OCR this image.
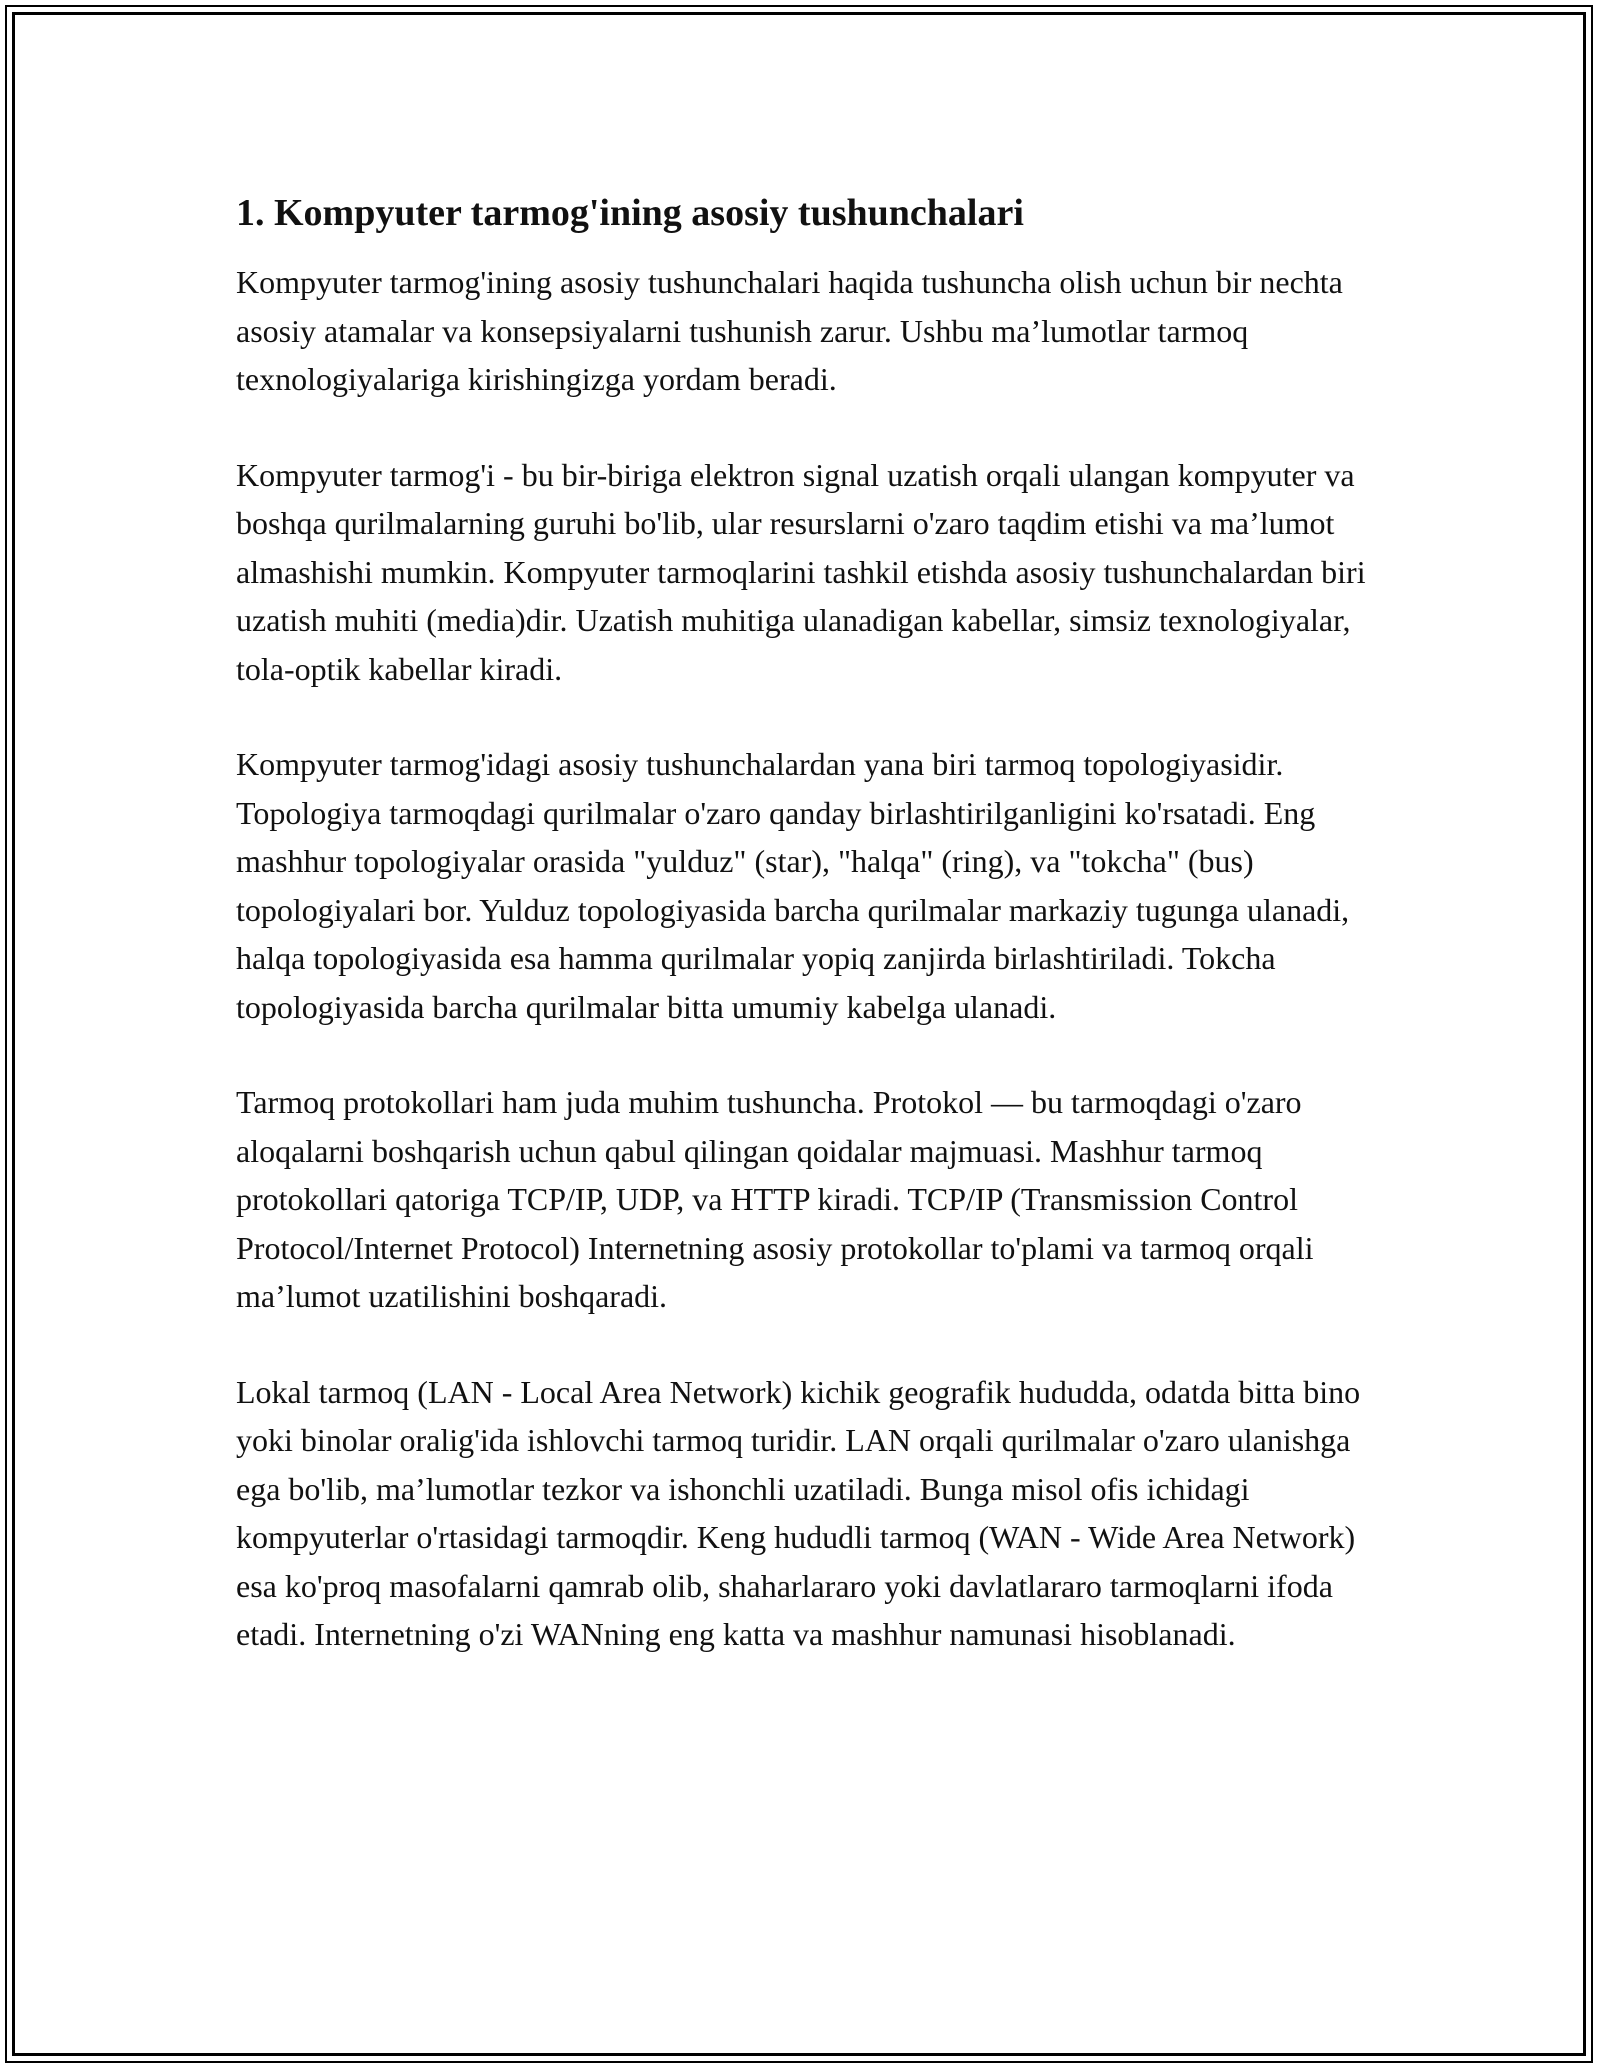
1. Kompyuter tarmog'ining asosiy tushunchalari

Kompyuter tarmog'ining asosiy tushunchalari haqida tushuncha olish uchun bir nechta asosiy atamalar va konsepsiyalarni tushunish zarur. Ushbu ma’lumotlar tarmoq texnologiyalariga kirishingizga yordam beradi.

Kompyuter tarmog'i - bu bir-biriga elektron signal uzatish orqali ulangan kompyuter va boshqa qurilmalarning guruhi bo'lib, ular resurslarni o'zaro taqdim etishi va ma’lumot almashishi mumkin. Kompyuter tarmoqlarini tashkil etishda asosiy tushunchalardan biri uzatish muhiti (media)dir. Uzatish muhitiga ulanadigan kabellar, simsiz texnologiyalar, tola-optik kabellar kiradi.

Kompyuter tarmog'idagi asosiy tushunchalardan yana biri tarmoq topologiyasidir. Topologiya tarmoqdagi qurilmalar o'zaro qanday birlashtirilganligini ko'rsatadi. Eng mashhur topologiyalar orasida "yulduz" (star), "halqa" (ring), va "tokcha" (bus) topologiyalari bor. Yulduz topologiyasida barcha qurilmalar markaziy tugunga ulanadi, halqa topologiyasida esa hamma qurilmalar yopiq zanjirda birlashtiriladi. Tokcha topologiyasida barcha qurilmalar bitta umumiy kabelga ulanadi.

Tarmoq protokollari ham juda muhim tushuncha. Protokol — bu tarmoqdagi o'zaro aloqalarni boshqarish uchun qabul qilingan qoidalar majmuasi. Mashhur tarmoq protokollari qatoriga TCP/IP, UDP, va HTTP kiradi. TCP/IP (Transmission Control Protocol/Internet Protocol) Internetning asosiy protokollar to'plami va tarmoq orqali ma’lumot uzatilishini boshqaradi.

Lokal tarmoq (LAN - Local Area Network) kichik geografik hududda, odatda bitta bino yoki binolar oralig'ida ishlovchi tarmoq turidir. LAN orqali qurilmalar o'zaro ulanishga ega bo'lib, ma’lumotlar tezkor va ishonchli uzatiladi. Bunga misol ofis ichidagi kompyuterlar o'rtasidagi tarmoqdir. Keng hududli tarmoq (WAN - Wide Area Network) esa ko'proq masofalarni qamrab olib, shaharlararo yoki davlatlararo tarmoqlarni ifoda etadi. Internetning o'zi WANning eng katta va mashhur namunasi hisoblanadi.
